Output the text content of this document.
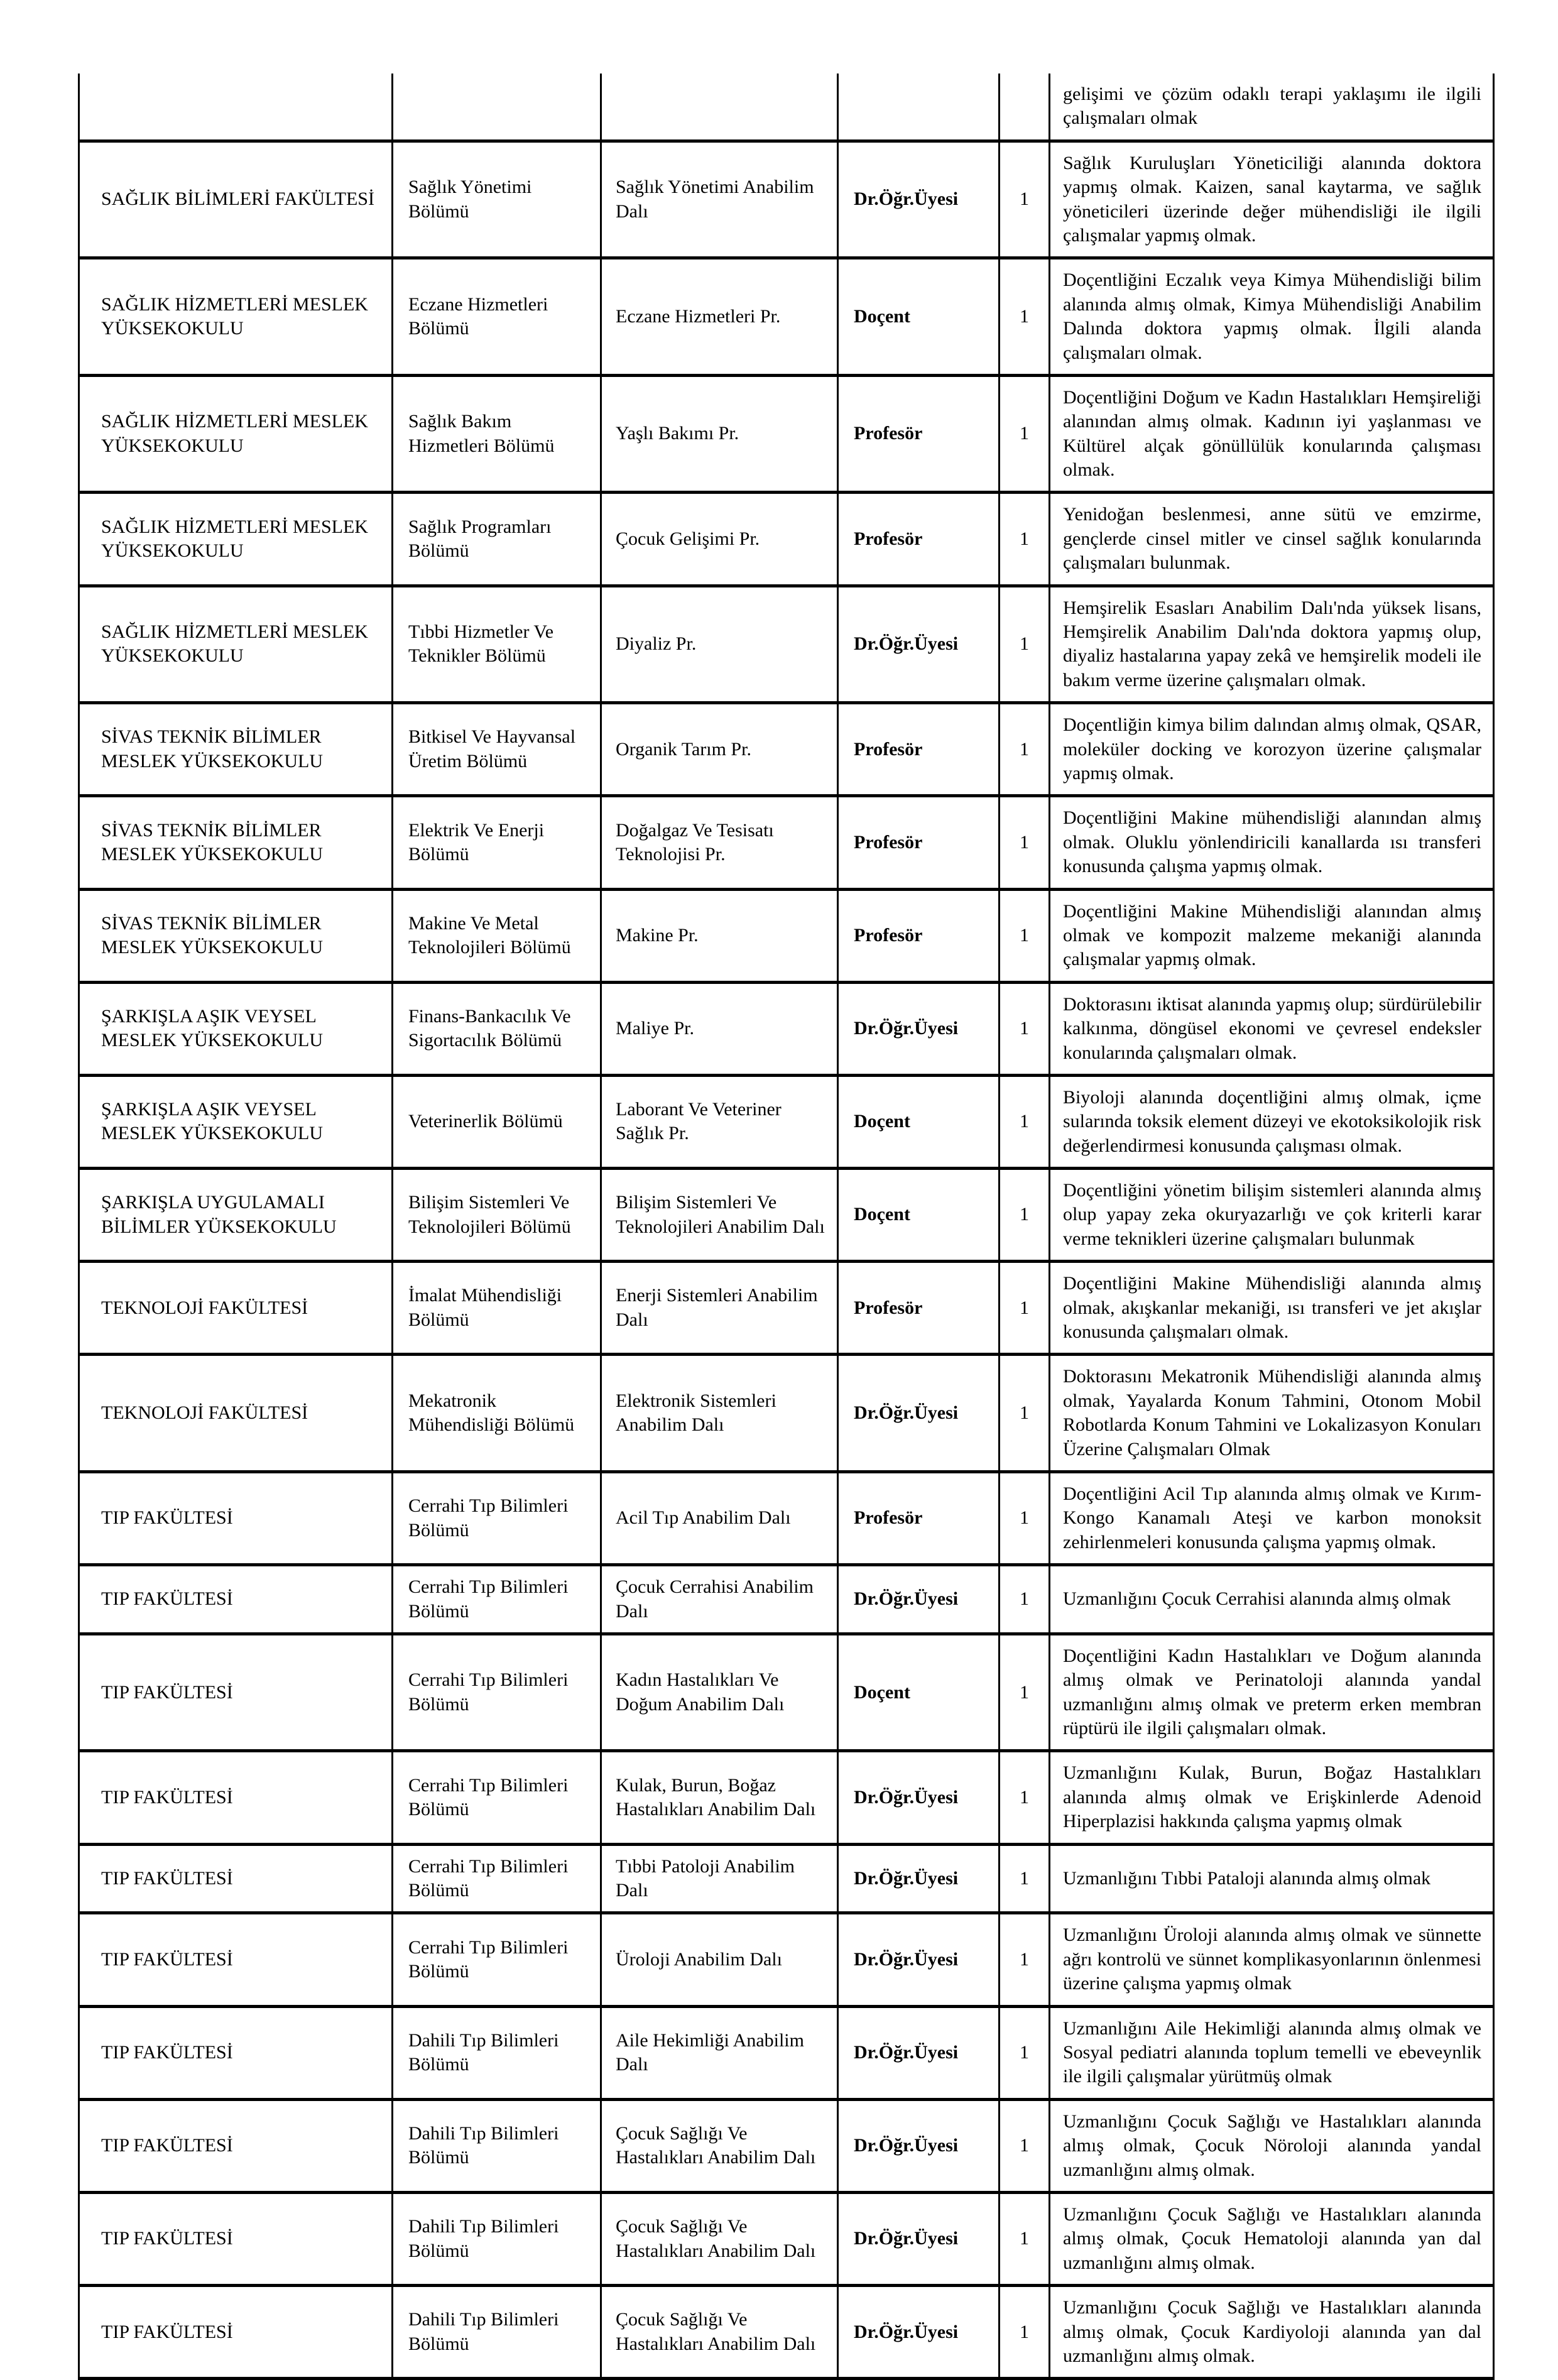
					gelişimi ve çözüm odaklı terapi yaklaşımı ile ilgili çalışmaları olmak
SAĞLIK BİLİMLERİ FAKÜLTESİ	Sağlık Yönetimi Bölümü	Sağlık Yönetimi Anabilim Dalı	Dr.Öğr.Üyesi	1	Sağlık Kuruluşları Yöneticiliği alanında doktora yapmış olmak. Kaizen, sanal kaytarma, ve sağlık yöneticileri üzerinde değer mühendisliği ile ilgili çalışmalar yapmış olmak.
SAĞLIK HİZMETLERİ MESLEK YÜKSEKOKULU	Eczane Hizmetleri Bölümü	Eczane Hizmetleri Pr.	Doçent	1	Doçentliğini Eczalık veya Kimya Mühendisliği bilim alanında almış olmak, Kimya Mühendisliği Anabilim Dalında doktora yapmış olmak. İlgili alanda çalışmaları olmak.
SAĞLIK HİZMETLERİ MESLEK YÜKSEKOKULU	Sağlık Bakım Hizmetleri Bölümü	Yaşlı Bakımı Pr.	Profesör	1	Doçentliğini Doğum ve Kadın Hastalıkları Hemşireliği alanından almış olmak. Kadının iyi yaşlanması ve Kültürel alçak gönüllülük konularında çalışması olmak.
SAĞLIK HİZMETLERİ MESLEK YÜKSEKOKULU	Sağlık Programları Bölümü	Çocuk Gelişimi Pr.	Profesör	1	Yenidoğan beslenmesi, anne sütü ve emzirme, gençlerde cinsel mitler ve cinsel sağlık konularında çalışmaları bulunmak.
SAĞLIK HİZMETLERİ MESLEK YÜKSEKOKULU	Tıbbi Hizmetler Ve Teknikler Bölümü	Diyaliz Pr.	Dr.Öğr.Üyesi	1	Hemşirelik Esasları Anabilim Dalı'nda yüksek lisans, Hemşirelik Anabilim Dalı'nda doktora yapmış olup, diyaliz hastalarına yapay zekâ ve hemşirelik modeli ile bakım verme üzerine çalışmaları olmak.
SİVAS TEKNİK BİLİMLER MESLEK YÜKSEKOKULU	Bitkisel Ve Hayvansal Üretim Bölümü	Organik Tarım Pr.	Profesör	1	Doçentliğin kimya bilim dalından almış olmak, QSAR, moleküler docking ve korozyon üzerine çalışmalar yapmış olmak.
SİVAS TEKNİK BİLİMLER MESLEK YÜKSEKOKULU	Elektrik Ve Enerji Bölümü	Doğalgaz Ve Tesisatı Teknolojisi Pr.	Profesör	1	Doçentliğini Makine mühendisliği alanından almış olmak. Oluklu yönlendiricili kanallarda ısı transferi konusunda çalışma yapmış olmak.
SİVAS TEKNİK BİLİMLER MESLEK YÜKSEKOKULU	Makine Ve Metal Teknolojileri Bölümü	Makine Pr.	Profesör	1	Doçentliğini Makine Mühendisliği alanından almış olmak ve kompozit malzeme mekaniği alanında çalışmalar yapmış olmak.
ŞARKIŞLA AŞIK VEYSEL MESLEK YÜKSEKOKULU	Finans-Bankacılık Ve Sigortacılık Bölümü	Maliye Pr.	Dr.Öğr.Üyesi	1	Doktorasını iktisat alanında yapmış olup; sürdürülebilir kalkınma, döngüsel ekonomi ve çevresel endeksler konularında çalışmaları olmak.
ŞARKIŞLA AŞIK VEYSEL MESLEK YÜKSEKOKULU	Veterinerlik Bölümü	Laborant Ve Veteriner Sağlık Pr.	Doçent	1	Biyoloji alanında doçentliğini almış olmak, içme sularında toksik element düzeyi ve ekotoksikolojik risk değerlendirmesi konusunda çalışması olmak.
ŞARKIŞLA UYGULAMALI BİLİMLER YÜKSEKOKULU	Bilişim Sistemleri Ve Teknolojileri Bölümü	Bilişim Sistemleri Ve Teknolojileri Anabilim Dalı	Doçent	1	Doçentliğini yönetim bilişim sistemleri alanında almış olup yapay zeka okuryazarlığı ve çok kriterli karar verme teknikleri üzerine çalışmaları bulunmak
TEKNOLOJİ FAKÜLTESİ	İmalat Mühendisliği Bölümü	Enerji Sistemleri Anabilim Dalı	Profesör	1	Doçentliğini Makine Mühendisliği alanında almış olmak, akışkanlar mekaniği, ısı transferi ve jet akışlar konusunda çalışmaları olmak.
TEKNOLOJİ FAKÜLTESİ	Mekatronik Mühendisliği Bölümü	Elektronik Sistemleri Anabilim Dalı	Dr.Öğr.Üyesi	1	Doktorasını Mekatronik Mühendisliği alanında almış olmak, Yayalarda Konum Tahmini, Otonom Mobil Robotlarda Konum Tahmini ve Lokalizasyon Konuları Üzerine Çalışmaları Olmak
TIP FAKÜLTESİ	Cerrahi Tıp Bilimleri Bölümü	Acil Tıp Anabilim Dalı	Profesör	1	Doçentliğini Acil Tıp alanında almış olmak ve Kırım-Kongo Kanamalı Ateşi ve karbon monoksit zehirlenmeleri konusunda çalışma yapmış olmak.
TIP FAKÜLTESİ	Cerrahi Tıp Bilimleri Bölümü	Çocuk Cerrahisi Anabilim Dalı	Dr.Öğr.Üyesi	1	Uzmanlığını Çocuk Cerrahisi alanında almış olmak
TIP FAKÜLTESİ	Cerrahi Tıp Bilimleri Bölümü	Kadın Hastalıkları Ve Doğum Anabilim Dalı	Doçent	1	Doçentliğini Kadın Hastalıkları ve Doğum alanında almış olmak ve Perinatoloji alanında yandal uzmanlığını almış olmak ve preterm erken membran rüptürü ile ilgili çalışmaları olmak.
TIP FAKÜLTESİ	Cerrahi Tıp Bilimleri Bölümü	Kulak, Burun, Boğaz Hastalıkları Anabilim Dalı	Dr.Öğr.Üyesi	1	Uzmanlığını Kulak, Burun, Boğaz Hastalıkları alanında almış olmak ve Erişkinlerde Adenoid Hiperplazisi hakkında çalışma yapmış olmak
TIP FAKÜLTESİ	Cerrahi Tıp Bilimleri Bölümü	Tıbbi Patoloji Anabilim Dalı	Dr.Öğr.Üyesi	1	Uzmanlığını Tıbbi Pataloji alanında almış olmak
TIP FAKÜLTESİ	Cerrahi Tıp Bilimleri Bölümü	Üroloji Anabilim Dalı	Dr.Öğr.Üyesi	1	Uzmanlığını Üroloji alanında almış olmak ve sünnette ağrı kontrolü ve sünnet komplikasyonlarının önlenmesi üzerine çalışma yapmış olmak
TIP FAKÜLTESİ	Dahili Tıp Bilimleri Bölümü	Aile Hekimliği Anabilim Dalı	Dr.Öğr.Üyesi	1	Uzmanlığını Aile Hekimliği alanında almış olmak ve Sosyal pediatri alanında toplum temelli ve ebeveynlik ile ilgili çalışmalar yürütmüş olmak
TIP FAKÜLTESİ	Dahili Tıp Bilimleri Bölümü	Çocuk Sağlığı Ve Hastalıkları Anabilim Dalı	Dr.Öğr.Üyesi	1	Uzmanlığını Çocuk Sağlığı ve Hastalıkları alanında almış olmak, Çocuk Nöroloji alanında yandal uzmanlığını almış olmak.
TIP FAKÜLTESİ	Dahili Tıp Bilimleri Bölümü	Çocuk Sağlığı Ve Hastalıkları Anabilim Dalı	Dr.Öğr.Üyesi	1	Uzmanlığını Çocuk Sağlığı ve Hastalıkları alanında almış olmak, Çocuk Hematoloji alanında yan dal uzmanlığını almış olmak.
TIP FAKÜLTESİ	Dahili Tıp Bilimleri Bölümü	Çocuk Sağlığı Ve Hastalıkları Anabilim Dalı	Dr.Öğr.Üyesi	1	Uzmanlığını Çocuk Sağlığı ve Hastalıkları alanında almış olmak, Çocuk Kardiyoloji alanında yan dal uzmanlığını almış olmak.
